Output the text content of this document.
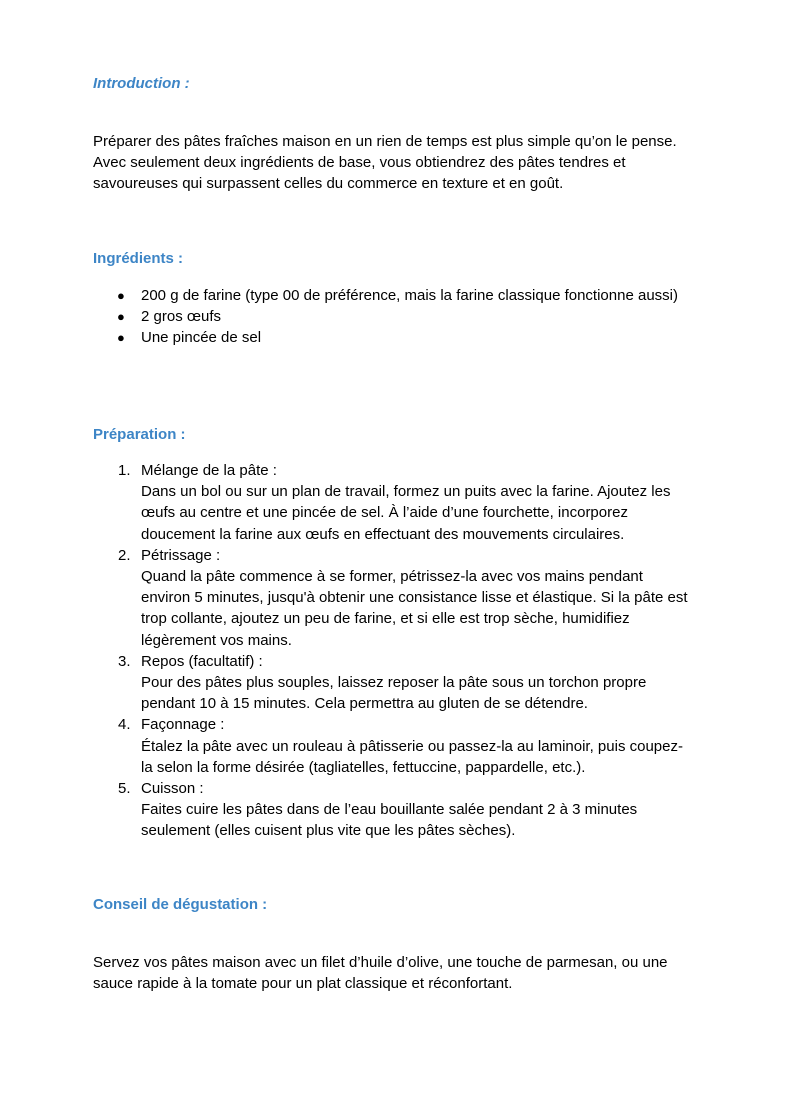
Introduction :
Préparer des pâtes fraîches maison en un rien de temps est plus simple qu’on le pense. Avec seulement deux ingrédients de base, vous obtiendrez des pâtes tendres et savoureuses qui surpassent celles du commerce en texture et en goût.
Ingrédients :
● 200 g de farine (type 00 de préférence, mais la farine classique fonctionne aussi)
● 2 gros œufs
● Une pincée de sel
Préparation :
1. Mélange de la pâte :
Dans un bol ou sur un plan de travail, formez un puits avec la farine. Ajoutez les œufs au centre et une pincée de sel. À l’aide d’une fourchette, incorporez doucement la farine aux œufs en effectuant des mouvements circulaires.
2. Pétrissage :
Quand la pâte commence à se former, pétrissez-la avec vos mains pendant environ 5 minutes, jusqu'à obtenir une consistance lisse et élastique. Si la pâte est trop collante, ajoutez un peu de farine, et si elle est trop sèche, humidifiez légèrement vos mains.
3. Repos (facultatif) :
Pour des pâtes plus souples, laissez reposer la pâte sous un torchon propre pendant 10 à 15 minutes. Cela permettra au gluten de se détendre.
4. Façonnage :
Étalez la pâte avec un rouleau à pâtisserie ou passez-la au laminoir, puis coupez-la selon la forme désirée (tagliatelles, fettuccine, pappardelle, etc.).
5. Cuisson :
Faites cuire les pâtes dans de l’eau bouillante salée pendant 2 à 3 minutes seulement (elles cuisent plus vite que les pâtes sèches).
Conseil de dégustation :
Servez vos pâtes maison avec un filet d’huile d’olive, une touche de parmesan, ou une sauce rapide à la tomate pour un plat classique et réconfortant.
